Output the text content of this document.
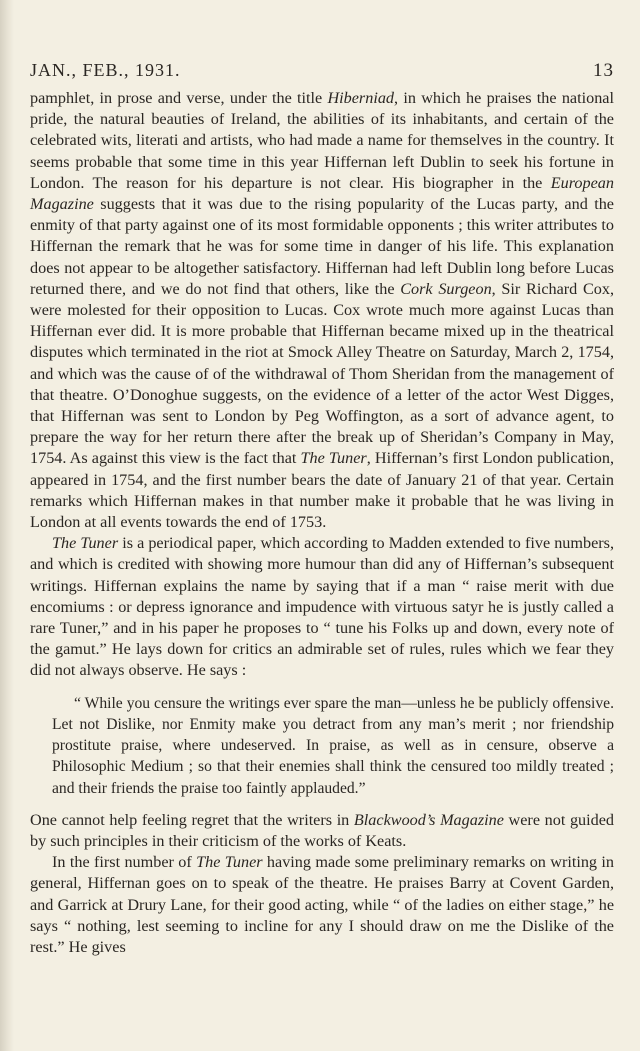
JAN., FEB., 1931.	13

pamphlet, in prose and verse, under the title Hiberniad, in which he praises the national pride, the natural beauties of Ireland, the abilities of its inhabitants, and certain of the celebrated wits, literati and artists, who had made a name for themselves in the country. It seems probable that some time in this year Hiffernan left Dublin to seek his fortune in London. The reason for his departure is not clear. His biographer in the European Magazine suggests that it was due to the rising popularity of the Lucas party, and the enmity of that party against one of its most formidable opponents ; this writer attributes to Hiffernan the remark that he was for some time in danger of his life. This explanation does not appear to be altogether satisfactory. Hiffernan had left Dublin long before Lucas returned there, and we do not find that others, like the Cork Surgeon, Sir Richard Cox, were molested for their opposition to Lucas. Cox wrote much more against Lucas than Hiffernan ever did. It is more probable that Hiffernan became mixed up in the theatrical disputes which terminated in the riot at Smock Alley Theatre on Saturday, March 2, 1754, and which was the cause of of the withdrawal of Thom Sheridan from the management of that theatre. O’Donoghue suggests, on the evidence of a letter of the actor West Digges, that Hiffernan was sent to London by Peg Woffington, as a sort of advance agent, to prepare the way for her return there after the break up of Sheridan’s Company in May, 1754. As against this view is the fact that The Tuner, Hiffernan’s first London publication, appeared in 1754, and the first number bears the date of January 21 of that year. Certain remarks which Hiffernan makes in that number make it probable that he was living in London at all events towards the end of 1753.

The Tuner is a periodical paper, which according to Madden extended to five numbers, and which is credited with showing more humour than did any of Hiffernan’s subsequent writings. Hiffernan explains the name by saying that if a man “ raise merit with due encomiums : or depress ignorance and impudence with virtuous satyr he is justly called a rare Tuner,” and in his paper he proposes to “ tune his Folks up and down, every note of the gamut.” He lays down for critics an admirable set of rules, rules which we fear they did not always observe. He says :

“ While you censure the writings ever spare the man—unless he be publicly offensive. Let not Dislike, nor Enmity make you detract from any man’s merit ; nor friendship prostitute praise, where undeserved. In praise, as well as in censure, observe a Philosophic Medium ; so that their enemies shall think the censured too mildly treated ; and their friends the praise too faintly applauded.”

One cannot help feeling regret that the writers in Blackwood’s Magazine were not guided by such principles in their criticism of the works of Keats.

In the first number of The Tuner having made some preliminary remarks on writing in general, Hiffernan goes on to speak of the theatre. He praises Barry at Covent Garden, and Garrick at Drury Lane, for their good acting, while “ of the ladies on either stage,” he says “ nothing, lest seeming to incline for any I should draw on me the Dislike of the rest.” He gives
